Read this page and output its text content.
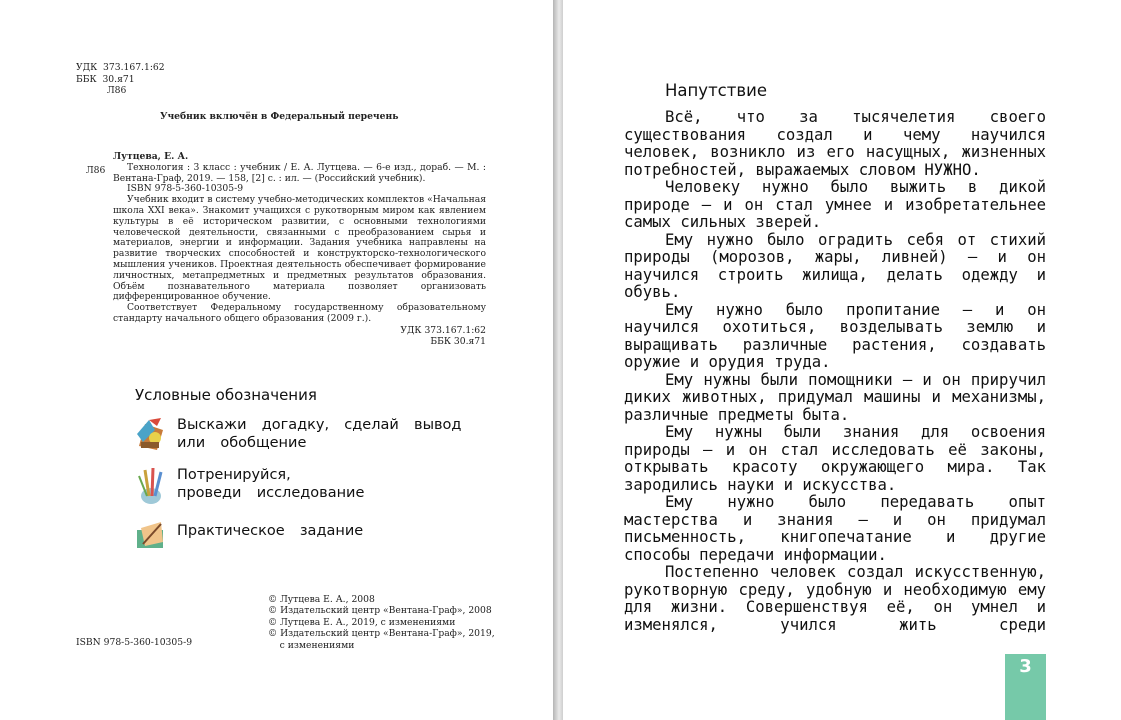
УДК  373.167.1:62
ББК  30.я71
Л86
Учебник включён в Федеральный перечень
Л86

Лутцева, Е. А.

Технология : 3 класс : учебник / Е. А. Лутцева. — 6-е изд., дораб. — М. : Вентана-Граф, 2019. — 158, [2] с. : ил. — (Российский учебник).

ISBN 978-5-360-10305-9

Учебник входит в систему учебно-методических комплектов «Начальная школа XXI века». Знакомит учащихся с рукотворным миром как явлением культуры в её историческом развитии, с основными технологиями человеческой деятельности, связанными с преобразованием сырья и материалов, энергии и информации. Задания учебника направлены на развитие творческих способностей и конструкторско-технологического мышления учеников. Проектная деятельность обеспечивает формирование личностных, метапредметных и предметных результатов образования. Объём познавательного материала позволяет организовать дифференцированное обучение.

Соответствует Федеральному государственному образовательному стандарту начального общего образования (2009 г.).

УДК 373.167.1:62

ББК 30.я71

Условные обозначения
Выскажи  догадку,  сделай  вывод
или  обобщение
Потренируйся,
проведи  исследование
Практическое  задание
© Лутцева Е. А., 2008
© Издательский центр «Вентана-Граф», 2008
© Лутцева Е. А., 2019, с изменениями
© Издательский центр «Вентана-Граф», 2019,
с изменениями
ISBN 978-5-360-10305-9
Напутствие

Всё, что за тысячелетия своего существования создал и чему научился человек, возникло из его насущных, жизненных потребностей, выражаемых словом НУЖНО.

Человеку нужно было выжить в дикой природе — и он стал умнее и изобретательнее самых сильных зверей.

Ему нужно было оградить себя от стихий природы (морозов, жары, ливней) — и он научился строить жилища, делать одежду и обувь.

Ему нужно было пропитание — и он научился охотиться, возделывать землю и выращивать различные растения, создавать оружие и орудия труда.

Ему нужны были помощники — и он приручил диких животных, придумал машины и механизмы, различные предметы быта.

Ему нужны были знания для освоения природы — и он стал исследовать её законы, открывать красоту окружающего мира. Так зародились науки и искусства.

Ему нужно было передавать опыт мастерства и знания — и он придумал письменность, книгопечатание и другие способы передачи информации.

Постепенно человек создал искусственную, рукотворную среду, удобную и необходимую ему для жизни. Совершенствуя её, он умнел и изменялся, учился жить среди

3
